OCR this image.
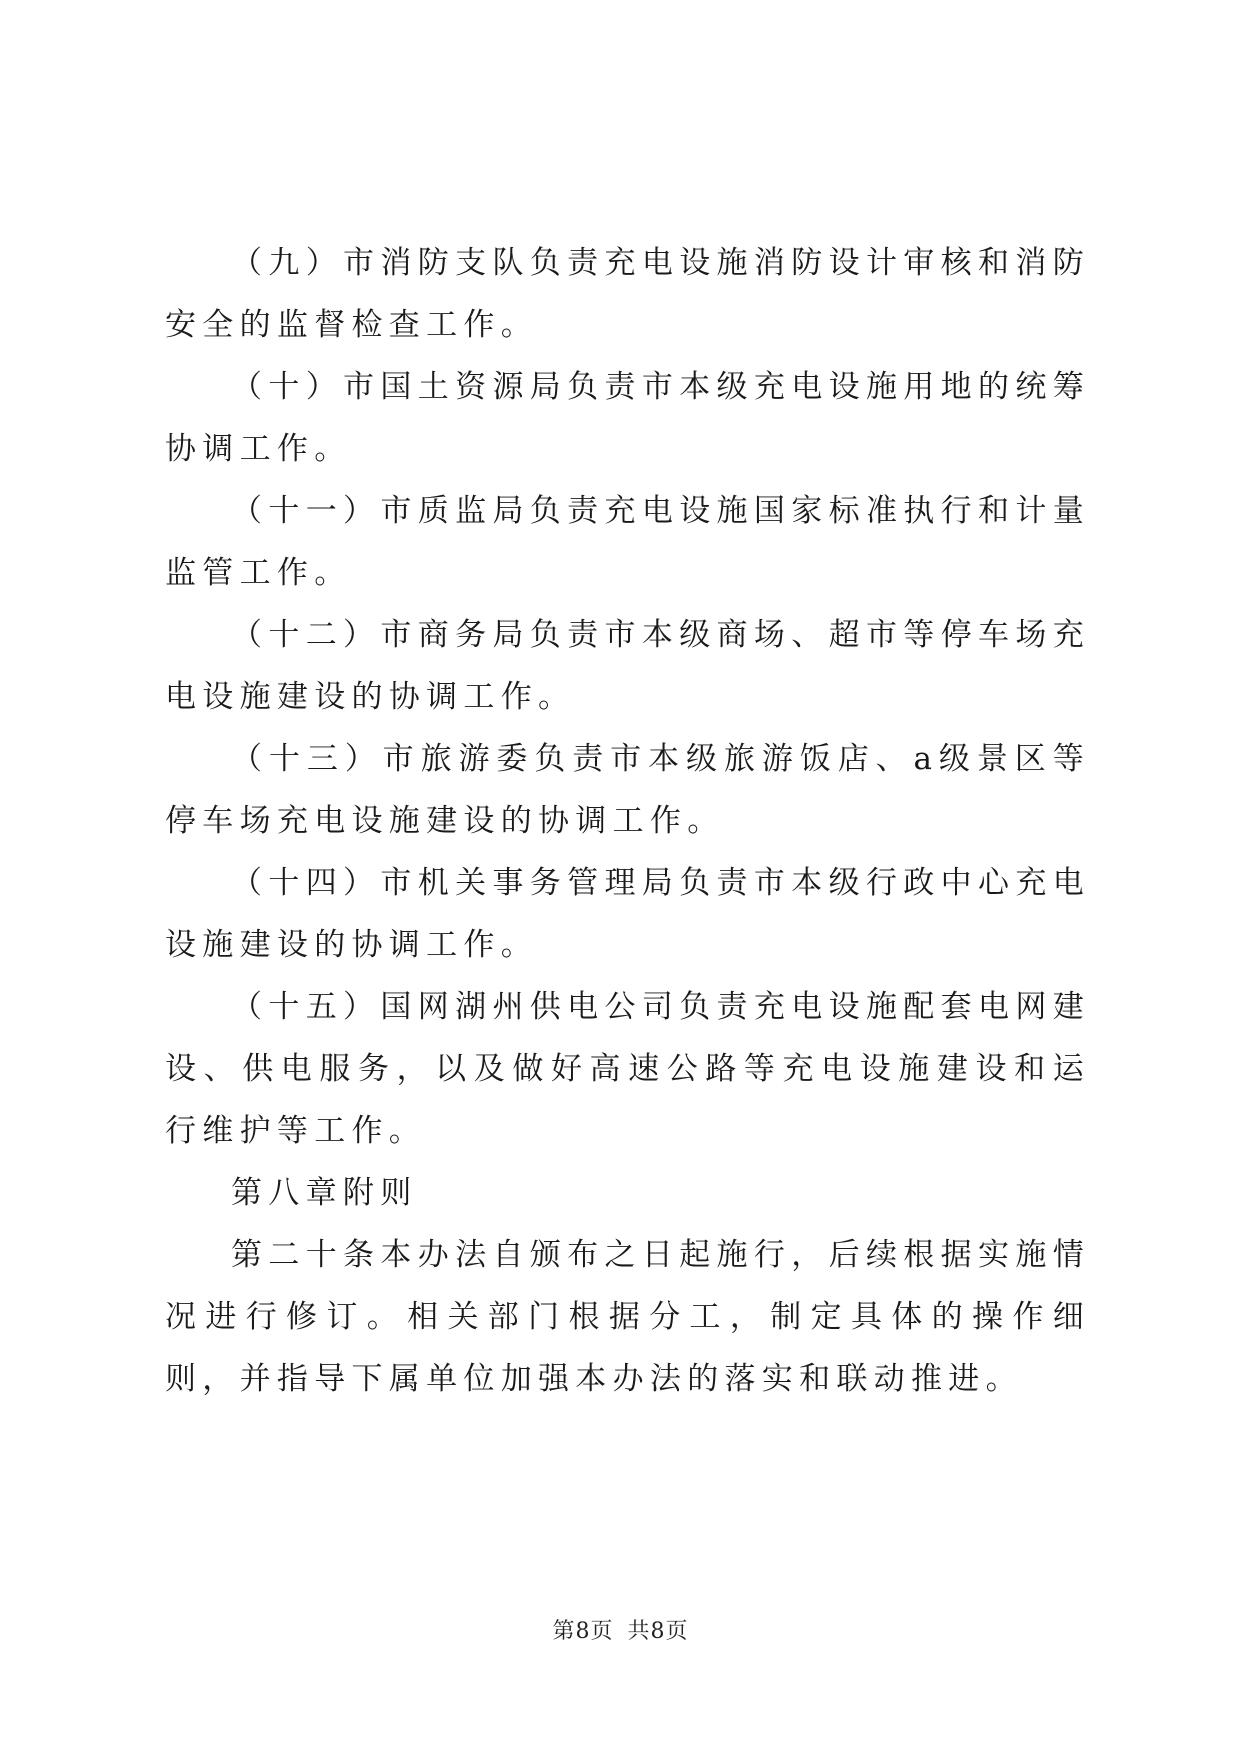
（九）市消防支队负责充电设施消防设计审核和消防安全的监督检查工作。

（十）市国土资源局负责市本级充电设施用地的统筹协调工作。

（十一）市质监局负责充电设施国家标准执行和计量监管工作。

（十二）市商务局负责市本级商场、超市等停车场充电设施建设的协调工作。

（十三）市旅游委负责市本级旅游饭店、a级景区等停车场充电设施建设的协调工作。

（十四）市机关事务管理局负责市本级行政中心充电设施建设的协调工作。

（十五）国网湖州供电公司负责充电设施配套电网建设、供电服务，以及做好高速公路等充电设施建设和运行维护等工作。

第八章附则

第二十条本办法自颁布之日起施行，后续根据实施情况进行修订。相关部门根据分工，制定具体的操作细则，并指导下属单位加强本办法的落实和联动推进。

第8页 共8页
